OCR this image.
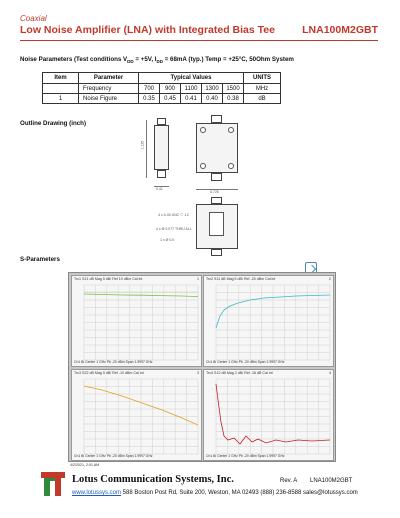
Coaxial
Low Noise Amplifier (LNA) with Integrated Bias Tee	LNA100M2GBT
Noise Parameters (Test conditions $V_{DD} = +5V$, $I_{DD} = 68mA$ (typ.) Temp = +25°C, 50Ohm System
Item	Parameter	Typical Values					UNITS
	Frequency	700	900	1100	1300	1500	MHz
1	Noise Figure	0.35	0.45	0.41	0.40	0.38	dB
Outline Drawing (inch)
1.125
0.41
0.725
4 x 4-40 UNC ▽ .12
4 x Ø 0.077 THRU ALL
1 x Ø 0.0
S-Parameters
Trc1 S21 dB Mag 5 dB/ Ref 10 dBm Cal int	1
Ch1 Bi Center 1 GHz Pb -20 dBm Span 1.9997 GHz
Trc2 S11 dB Mag 5 dB/ Ref -20 dBm Cal int	2
Ch1 Bi Center 1 GHz Pb -20 dBm Span 1.9997 GHz
Trc3 S22 dB Mag 5 dB/ Ref -10 dBm Cal int	3
Ch1 Bi Center 1 GHz Pb -20 dBm Span 1.9997 GHz
Trc4 S12 dB Mag 2 dB/ Ref -16 dB Cal int	4
Ch1 Bi Center 1 GHz Pb -20 dBm Span 1.9997 GHz
4/2/2021, 2:51 AM
Lotus Communication Systems, Inc.	Rev. A LNA100M2GBT
www.lotussys.com 588 Boston Post Rd, Suite 200, Weston, MA 02493 (888) 236-8588 sales@lotussys.com
